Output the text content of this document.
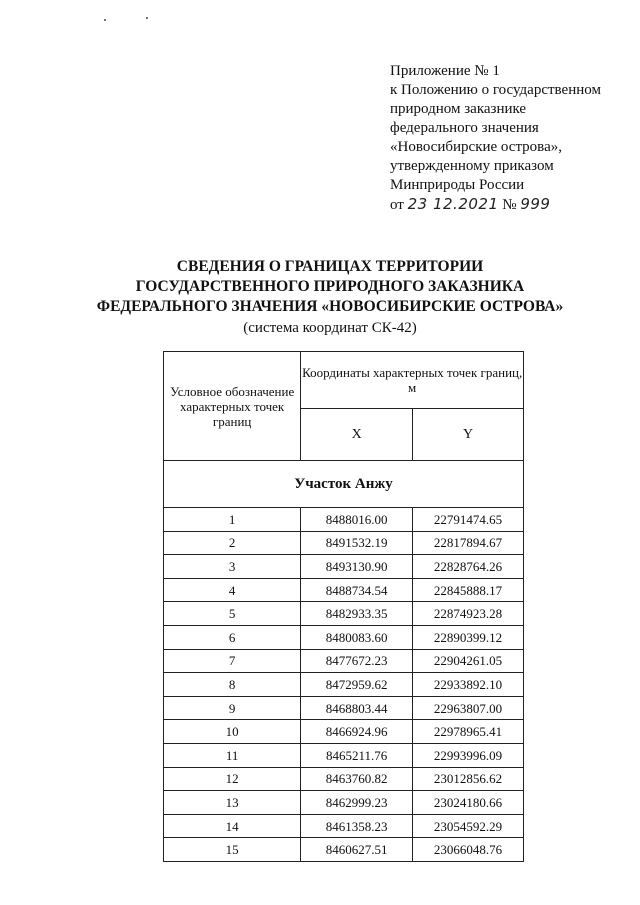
Приложение № 1
к Положению о государственном
природном заказнике
федерального значения
«Новосибирские острова»,
утвержденному приказом
Минприроды России
от 23 12.2021 № 999
СВЕДЕНИЯ О ГРАНИЦАХ ТЕРРИТОРИИ
ГОСУДАРСТВЕННОГО ПРИРОДНОГО ЗАКАЗНИКА
ФЕДЕРАЛЬНОГО ЗНАЧЕНИЯ «НОВОСИБИРСКИЕ ОСТРОВА»
(система координат СК-42)
Условное обозначение характерных точек границ	Координаты характерных точек границ, м	
	X	Y
Участок Анжу		
1	8488016.00	22791474.65
2	8491532.19	22817894.67
3	8493130.90	22828764.26
4	8488734.54	22845888.17
5	8482933.35	22874923.28
6	8480083.60	22890399.12
7	8477672.23	22904261.05
8	8472959.62	22933892.10
9	8468803.44	22963807.00
10	8466924.96	22978965.41
11	8465211.76	22993996.09
12	8463760.82	23012856.62
13	8462999.23	23024180.66
14	8461358.23	23054592.29
15	8460627.51	23066048.76
